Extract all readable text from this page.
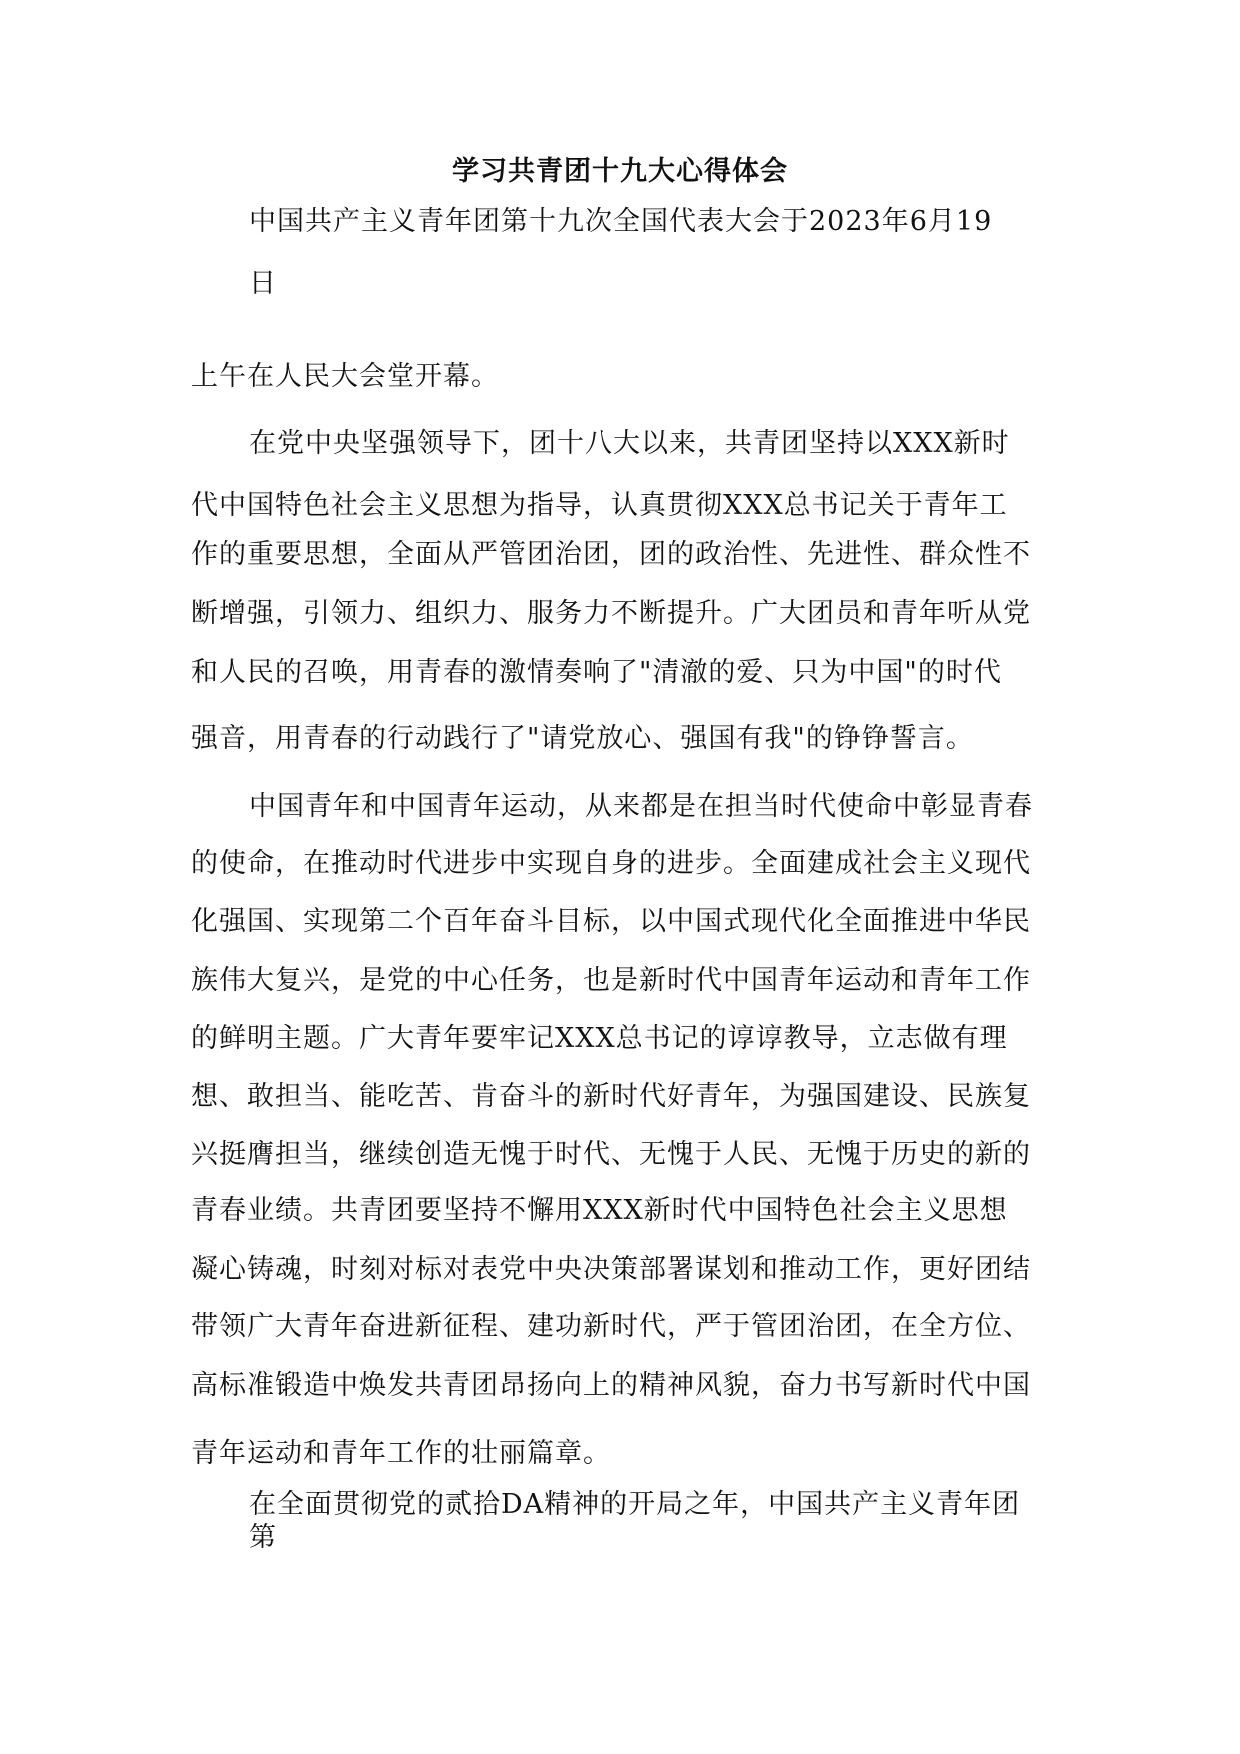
学习共青团十九大心得体会
中国共产主义青年团第十九次全国代表大会于2023年6月19
日
上午在人民大会堂开幕。
在党中央坚强领导下，团十八大以来，共青团坚持以XXX新时
代中国特色社会主义思想为指导，认真贯彻XXX总书记关于青年工
作的重要思想，全面从严管团治团，团的政治性、先进性、群众性不
断增强，引领力、组织力、服务力不断提升。广大团员和青年听从党
和人民的召唤，用青春的激情奏响了"清澈的爱、只为中国"的时代
强音，用青春的行动践行了"请党放心、强国有我"的铮铮誓言。
中国青年和中国青年运动，从来都是在担当时代使命中彰显青春
的使命，在推动时代进步中实现自身的进步。全面建成社会主义现代
化强国、实现第二个百年奋斗目标，以中国式现代化全面推进中华民
族伟大复兴，是党的中心任务，也是新时代中国青年运动和青年工作
的鲜明主题。广大青年要牢记XXX总书记的谆谆教导，立志做有理
想、敢担当、能吃苦、肯奋斗的新时代好青年，为强国建设、民族复
兴挺膺担当，继续创造无愧于时代、无愧于人民、无愧于历史的新的
青春业绩。共青团要坚持不懈用XXX新时代中国特色社会主义思想
凝心铸魂，时刻对标对表党中央决策部署谋划和推动工作，更好团结
带领广大青年奋进新征程、建功新时代，严于管团治团，在全方位、
高标准锻造中焕发共青团昂扬向上的精神风貌，奋力书写新时代中国
青年运动和青年工作的壮丽篇章。
在全面贯彻党的贰拾DA精神的开局之年，中国共产主义青年团
第
